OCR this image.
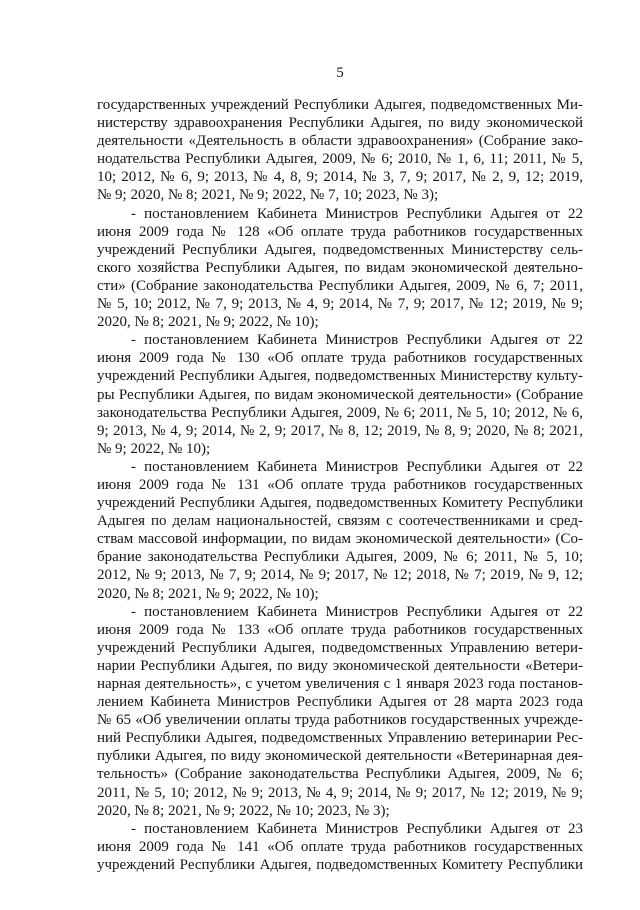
5
государственных учреждений Республики Адыгея, подведомственных Ми-
нистерству здравоохранения Республики Адыгея, по виду экономической
деятельности «Деятельность в области здравоохранения» (Собрание зако-
нодательства Республики Адыгея, 2009, № 6; 2010, № 1, 6, 11; 2011, № 5,
10; 2012, № 6, 9; 2013, № 4, 8, 9; 2014, № 3, 7, 9; 2017, № 2, 9, 12; 2019,
№ 9; 2020, № 8; 2021, № 9; 2022, № 7, 10; 2023, № 3);
- постановлением Кабинета Министров Республики Адыгея от 22
июня 2009 года № 128 «Об оплате труда работников государственных
учреждений Республики Адыгея, подведомственных Министерству сель-
ского хозяйства Республики Адыгея, по видам экономической деятельно-
сти» (Собрание законодательства Республики Адыгея, 2009, № 6, 7; 2011,
№ 5, 10; 2012, № 7, 9; 2013, № 4, 9; 2014, № 7, 9; 2017, № 12; 2019, № 9;
2020, № 8; 2021, № 9; 2022, № 10);
- постановлением Кабинета Министров Республики Адыгея от 22
июня 2009 года № 130 «Об оплате труда работников государственных
учреждений Республики Адыгея, подведомственных Министерству культу-
ры Республики Адыгея, по видам экономической деятельности» (Собрание
законодательства Республики Адыгея, 2009, № 6; 2011, № 5, 10; 2012, № 6,
9; 2013, № 4, 9; 2014, № 2, 9; 2017, № 8, 12; 2019, № 8, 9; 2020, № 8; 2021,
№ 9; 2022, № 10);
- постановлением Кабинета Министров Республики Адыгея от 22
июня 2009 года № 131 «Об оплате труда работников государственных
учреждений Республики Адыгея, подведомственных Комитету Республики
Адыгея по делам национальностей, связям с соотечественниками и сред-
ствам массовой информации, по видам экономической деятельности» (Со-
брание законодательства Республики Адыгея, 2009, № 6; 2011, № 5, 10;
2012, № 9; 2013, № 7, 9; 2014, № 9; 2017, № 12; 2018, № 7; 2019, № 9, 12;
2020, № 8; 2021, № 9; 2022, № 10);
- постановлением Кабинета Министров Республики Адыгея от 22
июня 2009 года № 133 «Об оплате труда работников государственных
учреждений Республики Адыгея, подведомственных Управлению ветери-
нарии Республики Адыгея, по виду экономической деятельности «Ветери-
нарная деятельность», с учетом увеличения с 1 января 2023 года постанов-
лением Кабинета Министров Республики Адыгея от 28 марта 2023 года
№ 65 «Об увеличении оплаты труда работников государственных учрежде-
ний Республики Адыгея, подведомственных Управлению ветеринарии Рес-
публики Адыгея, по виду экономической деятельности «Ветеринарная дея-
тельность» (Собрание законодательства Республики Адыгея, 2009, № 6;
2011, № 5, 10; 2012, № 9; 2013, № 4, 9; 2014, № 9; 2017, № 12; 2019, № 9;
2020, № 8; 2021, № 9; 2022, № 10; 2023, № 3);
- постановлением Кабинета Министров Республики Адыгея от 23
июня 2009 года № 141 «Об оплате труда работников государственных
учреждений Республики Адыгея, подведомственных Комитету Республики
